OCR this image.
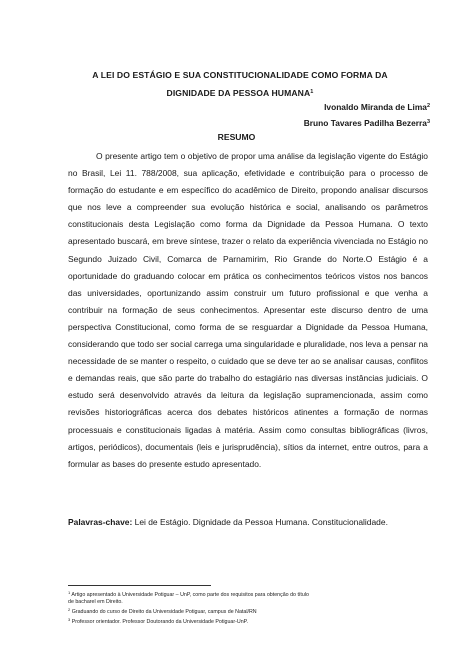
A LEI DO ESTÁGIO E SUA CONSTITUCIONALIDADE COMO FORMA DA
DIGNIDADE DA PESSOA HUMANA$^1$
Ivonaldo Miranda de Lima$^2$
Bruno Tavares Padilha Bezerra$^3$
RESUMO

O presente artigo tem o objetivo de propor uma análise da legislação vigente do Estágio no Brasil, Lei 11. 788/2008, sua aplicação, efetividade e contribuição para o processo de formação do estudante e em específico do acadêmico de Direito, propondo analisar discursos que nos leve a compreender sua evolução histórica e social, analisando os parâmetros constitucionais desta Legislação como forma da Dignidade da Pessoa Humana. O texto apresentado buscará, em breve síntese, trazer o relato da experiência vivenciada no Estágio no Segundo Juizado Civil, Comarca de Parnamirim, Rio Grande do Norte.O Estágio é a oportunidade do graduando colocar em prática os conhecimentos teóricos vistos nos bancos das universidades, oportunizando assim construir um futuro profissional e que venha a contribuir na formação de seus conhecimentos. Apresentar este discurso dentro de uma perspectiva Constitucional, como forma de se resguardar a Dignidade da Pessoa Humana, considerando que todo ser social carrega uma singularidade e pluralidade, nos leva a pensar na necessidade de se manter o respeito, o cuidado que se deve ter ao se analisar causas, conflitos e demandas reais, que são parte do trabalho do estagiário nas diversas instâncias judiciais. O estudo será desenvolvido através da leitura da legislação supramencionada, assim como revisões historiográficas acerca dos debates históricos atinentes a formação de normas processuais e constitucionais ligadas à matéria. Assim como consultas bibliográficas (livros, artigos, periódicos), documentais (leis e jurisprudência), sítios da internet, entre outros, para a formular as bases do presente estudo apresentado.

Palavras-chave: Lei de Estágio. Dignidade da Pessoa Humana. Constitucionalidade.

$^1$ Artigo apresentado à Universidade Potiguar – UnP, como parte dos requisitos para obtenção do título
de bacharel em Direito.
$^2$ Graduando do curso de Direito da Universidade Potiguar, campus de Natal/RN
$^3$ Professor orientador. Professor Doutorando da Universidade Potiguar-UnP.
